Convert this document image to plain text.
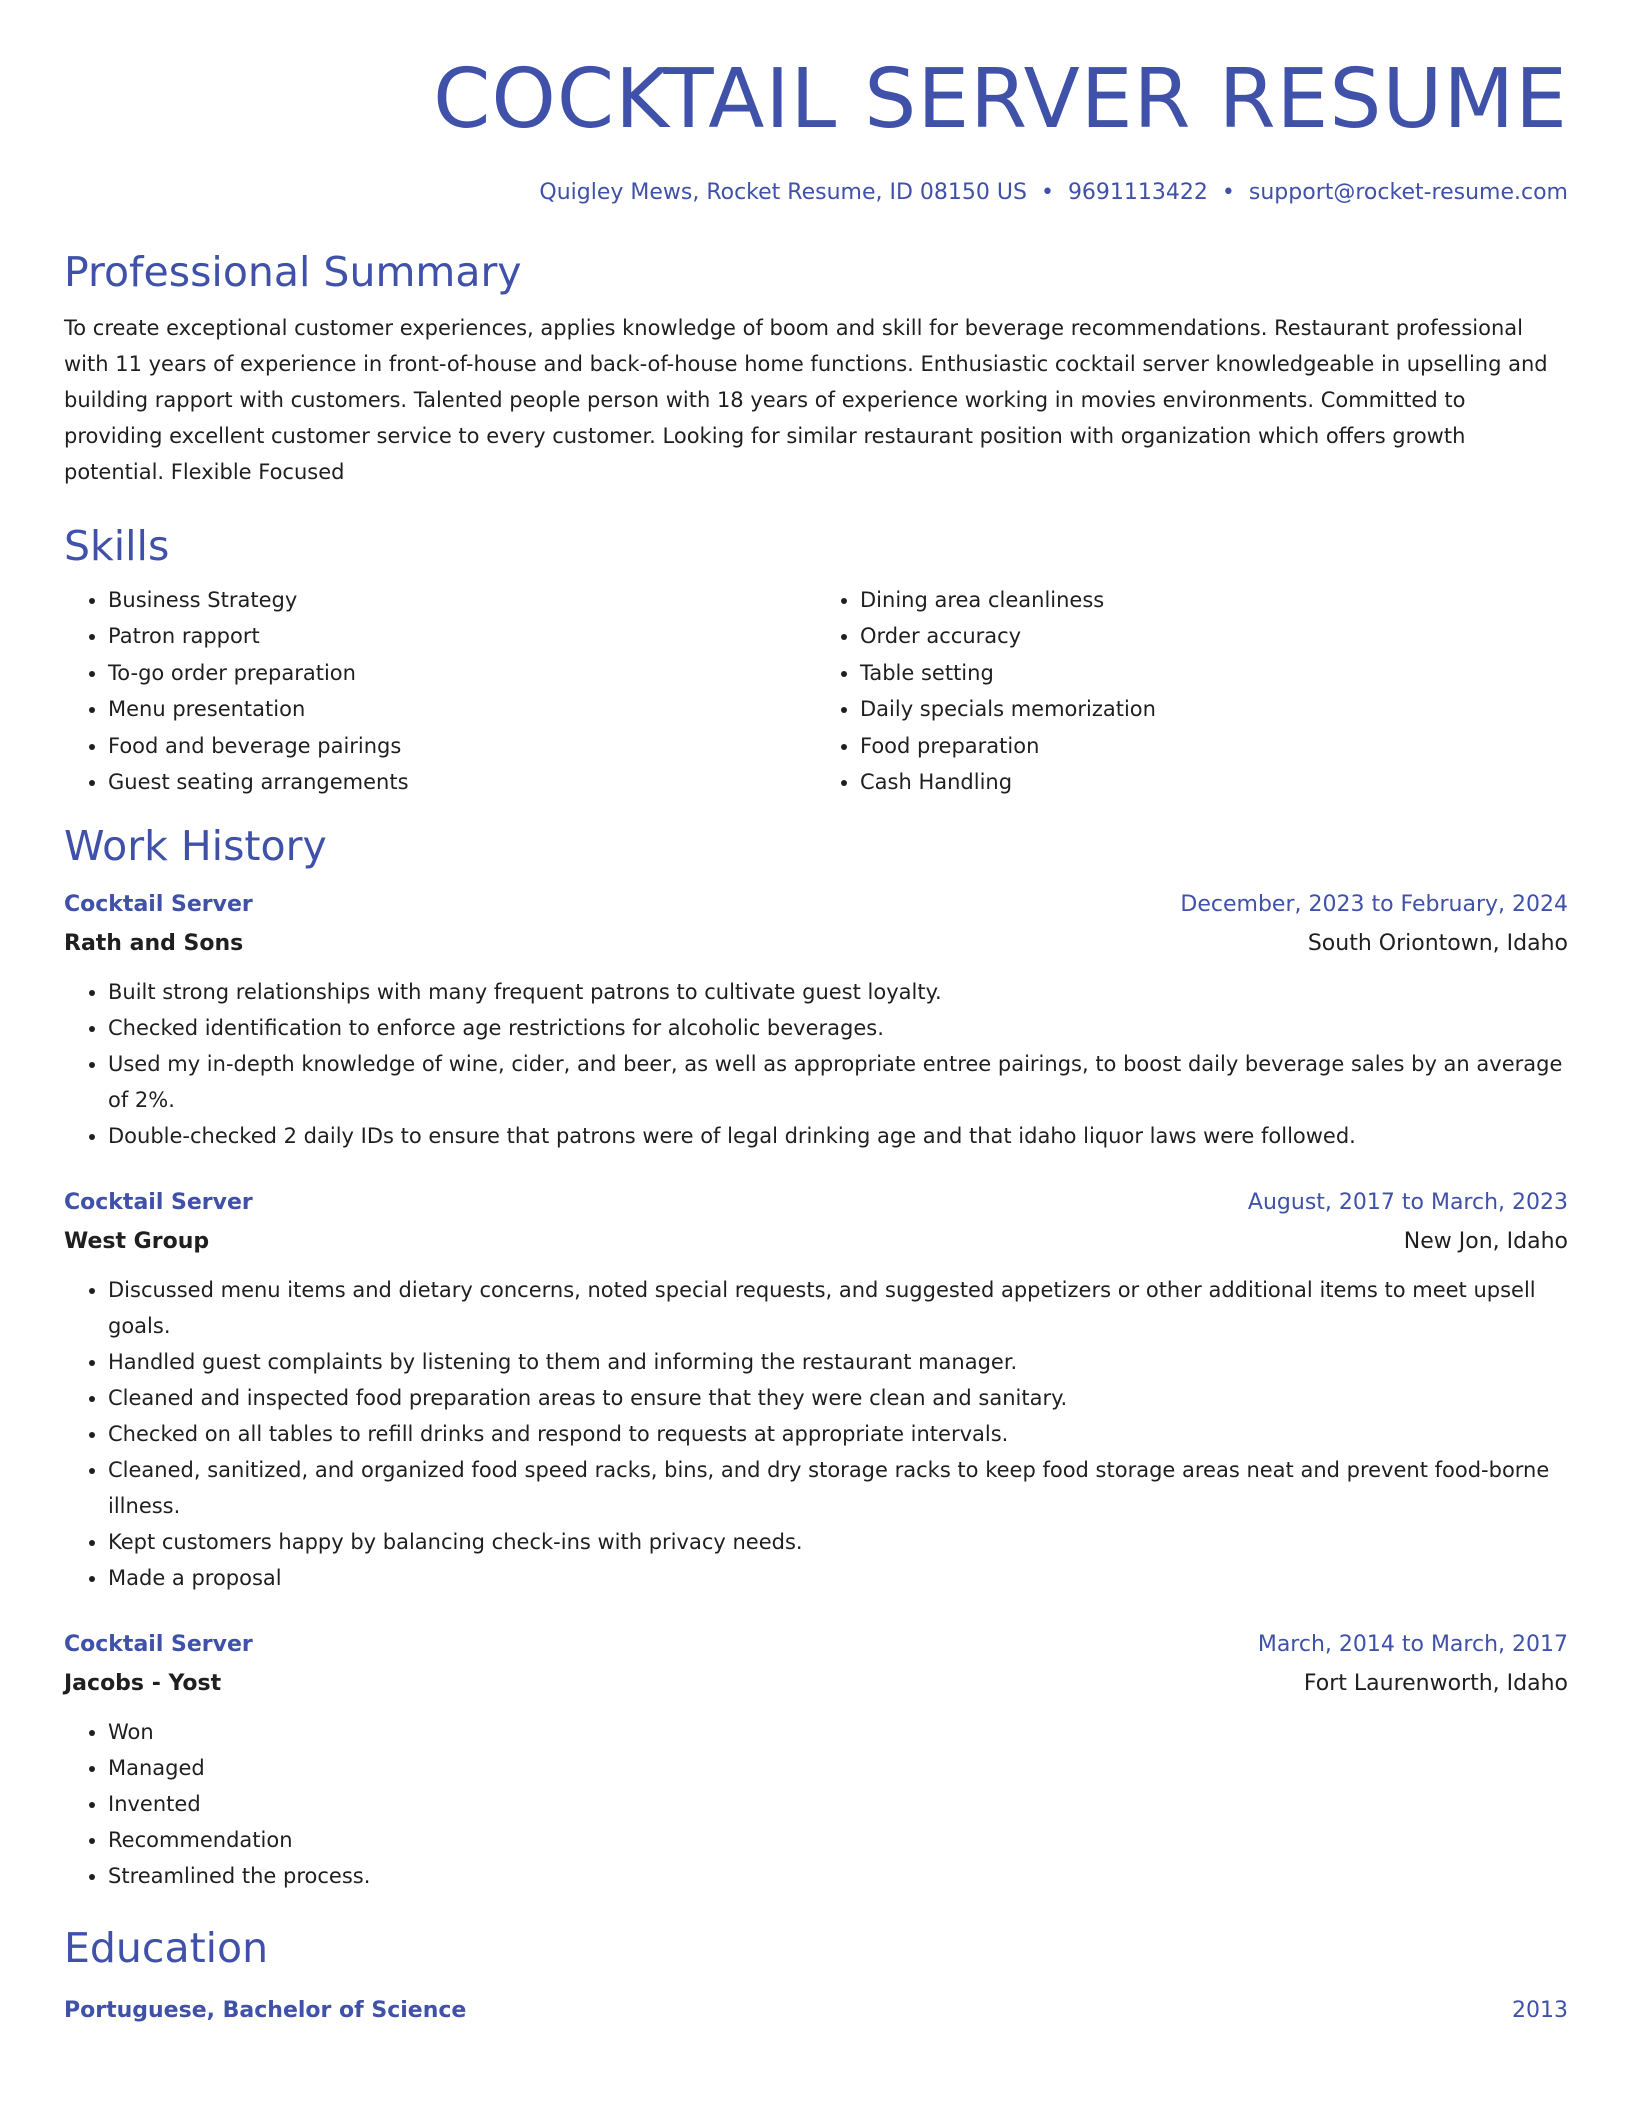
COCKTAIL SERVER RESUME
Quigley Mews, Rocket Resume, ID 08150 US • 9691113422 • support@rocket-resume.com
Professional Summary
To create exceptional customer experiences, applies knowledge of boom and skill for beverage recommendations. Restaurant professional with 11 years of experience in front-of-house and back-of-house home functions. Enthusiastic cocktail server knowledgeable in upselling and building rapport with customers. Talented people person with 18 years of experience working in movies environments. Committed to providing excellent customer service to every customer. Looking for similar restaurant position with organization which offers growth potential. Flexible Focused
Skills
• Business Strategy
• Patron rapport
• To-go order preparation
• Menu presentation
• Food and beverage pairings
• Guest seating arrangements
• Dining area cleanliness
• Order accuracy
• Table setting
• Daily specials memorization
• Food preparation
• Cash Handling
Work History
Cocktail Server	December, 2023 to February, 2024
Rath and Sons	South Oriontown, Idaho
• Built strong relationships with many frequent patrons to cultivate guest loyalty.
• Checked identification to enforce age restrictions for alcoholic beverages.
• Used my in-depth knowledge of wine, cider, and beer, as well as appropriate entree pairings, to boost daily beverage sales by an average of 2%.
• Double-checked 2 daily IDs to ensure that patrons were of legal drinking age and that idaho liquor laws were followed.
Cocktail Server	August, 2017 to March, 2023
West Group	New Jon, Idaho
• Discussed menu items and dietary concerns, noted special requests, and suggested appetizers or other additional items to meet upsell goals.
• Handled guest complaints by listening to them and informing the restaurant manager.
• Cleaned and inspected food preparation areas to ensure that they were clean and sanitary.
• Checked on all tables to refill drinks and respond to requests at appropriate intervals.
• Cleaned, sanitized, and organized food speed racks, bins, and dry storage racks to keep food storage areas neat and prevent food-borne illness.
• Kept customers happy by balancing check-ins with privacy needs.
• Made a proposal
Cocktail Server	March, 2014 to March, 2017
Jacobs - Yost	Fort Laurenworth, Idaho
• Won
• Managed
• Invented
• Recommendation
• Streamlined the process.
Education
Portuguese, Bachelor of Science	2013
